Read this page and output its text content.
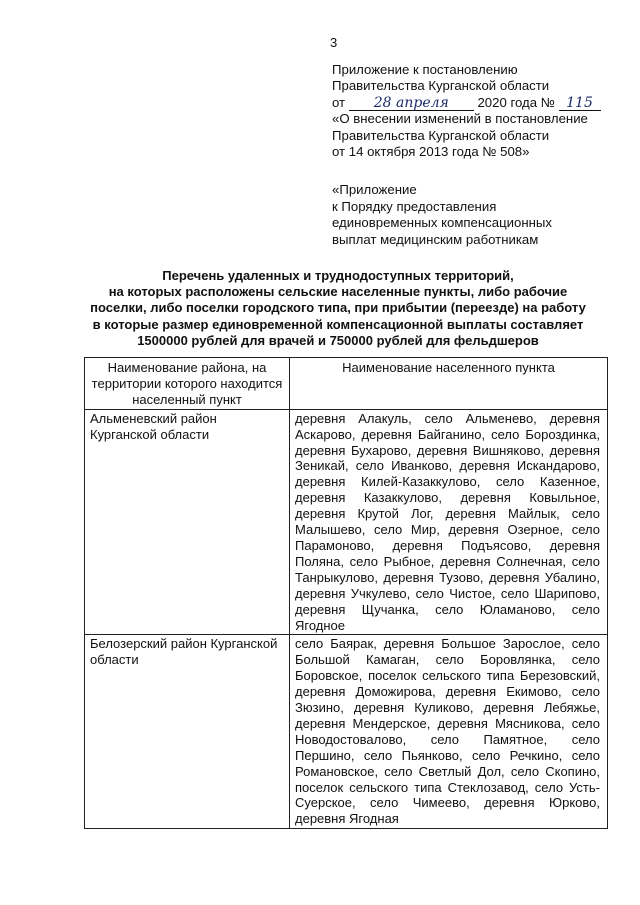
3
Приложение к постановлению
Правительства Курганской области
от 28 апреля 2020 года № 115
«О внесении изменений в постановление
Правительства Курганской области
от 14 октября 2013 года № 508»
«Приложение
к Порядку предоставления
единовременных компенсационных
выплат медицинским работникам
Перечень удаленных и труднодоступных территорий,
на которых расположены сельские населенные пункты, либо рабочие
поселки, либо поселки городского типа, при прибытии (переезде) на работу
в которые размер единовременной компенсационной выплаты составляет
1500000 рублей для врачей и 750000 рублей для фельдшеров
Наименование района, на территории которого находится населенный пункт	Наименование населенного пункта
Альменевский район Курганской области	деревня Алакуль, село Альменево, деревня Аскарово, деревня Байганино, село Бороздинка, деревня Бухарово, деревня Вишняково, деревня Зеникай, село Иванково, деревня Искандарово, деревня Килей-Казаккулово, село Казенное, деревня Казаккулово, деревня Ковыльное, деревня Крутой Лог, деревня Майлык, село Малышево, село Мир, деревня Озерное, село Парамоново, деревня Подъясово, деревня Поляна, село Рыбное, деревня Солнечная, село Танрыкулово, деревня Тузово, деревня Убалино, деревня Учкулево, село Чистое, село Шарипово, деревня Щучанка, село Юламаново, село Ягодное
Белозерский район Курганской области	село Баярак, деревня Большое Зарослое, село Большой Камаган, село Боровлянка, село Боровское, поселок сельского типа Березовский, деревня Доможирова, деревня Екимово, село Зюзино, деревня Куликово, деревня Лебяжье, деревня Мендерское, деревня Мясникова, село Новодостовалово, село Памятное, село Першино, село Пьянково, село Речкино, село Романовское, село Светлый Дол, село Скопино, поселок сельского типа Стеклозавод, село Усть-Суерское, село Чимеево, деревня Юрково, деревня Ягодная
